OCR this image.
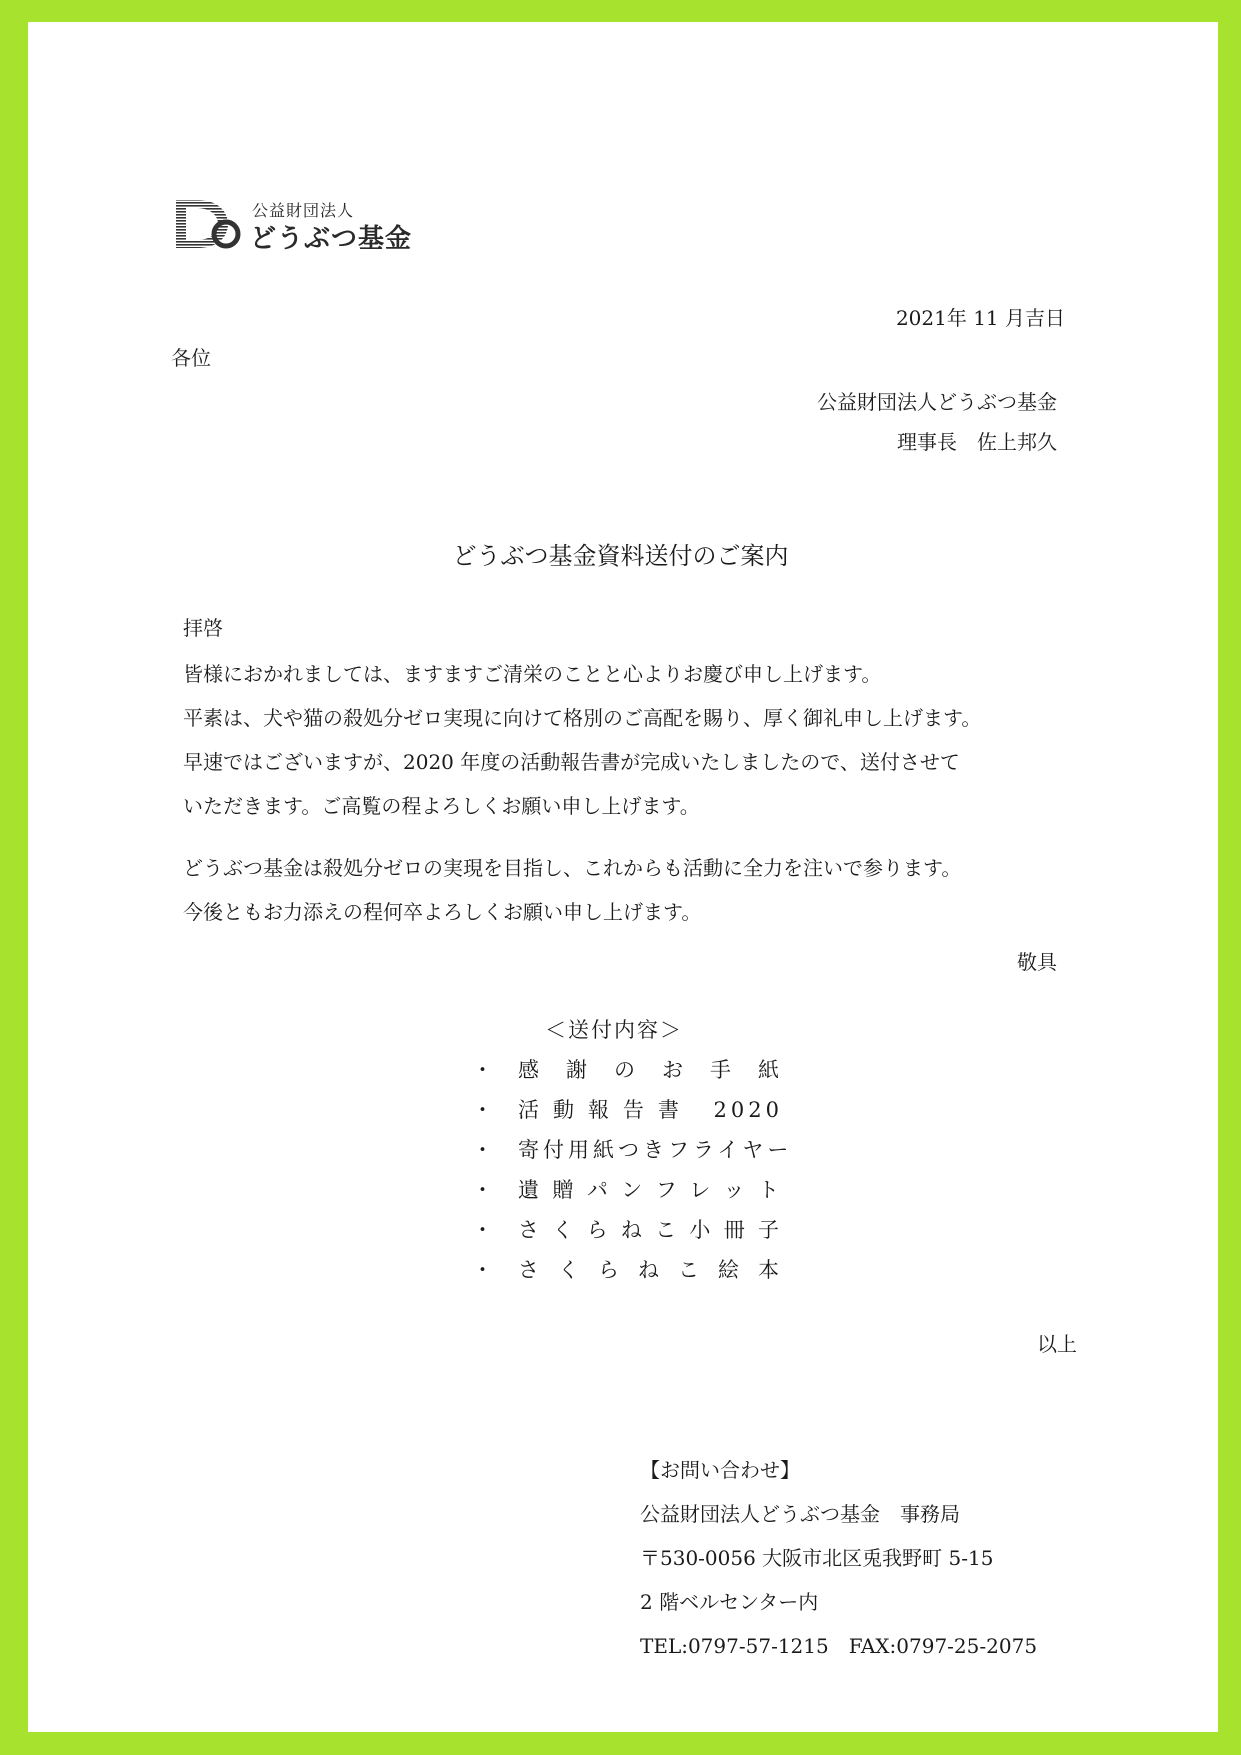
公益財団法人
どうぶつ基金
2021年 11 月吉日
各位
公益財団法人どうぶつ基金
理事長　佐上邦久
どうぶつ基金資料送付のご案内
拝啓
皆様におかれましては、ますますご清栄のことと心よりお慶び申し上げます。
平素は、犬や猫の殺処分ゼロ実現に向けて格別のご高配を賜り、厚く御礼申し上げます。
早速ではございますが、2020 年度の活動報告書が完成いたしましたので、送付させて
いただきます。ご高覧の程よろしくお願い申し上げます。
どうぶつ基金は殺処分ゼロの実現を目指し、これからも活動に全力を注いで参ります。
今後ともお力添えの程何卒よろしくお願い申し上げます。
敬具
＜送付内容＞
・ 感謝のお手紙
・ 活動報告書 2020
・ 寄付用紙つきフライヤー
・ 遺贈パンフレット
・ さくらねこ小冊子
・ さくらねこ絵本
以上
【お問い合わせ】
公益財団法人どうぶつ基金　事務局
〒530-0056 大阪市北区兎我野町 5-15
2 階ベルセンター内
TEL:0797-57-1215　FAX:0797-25-2075
